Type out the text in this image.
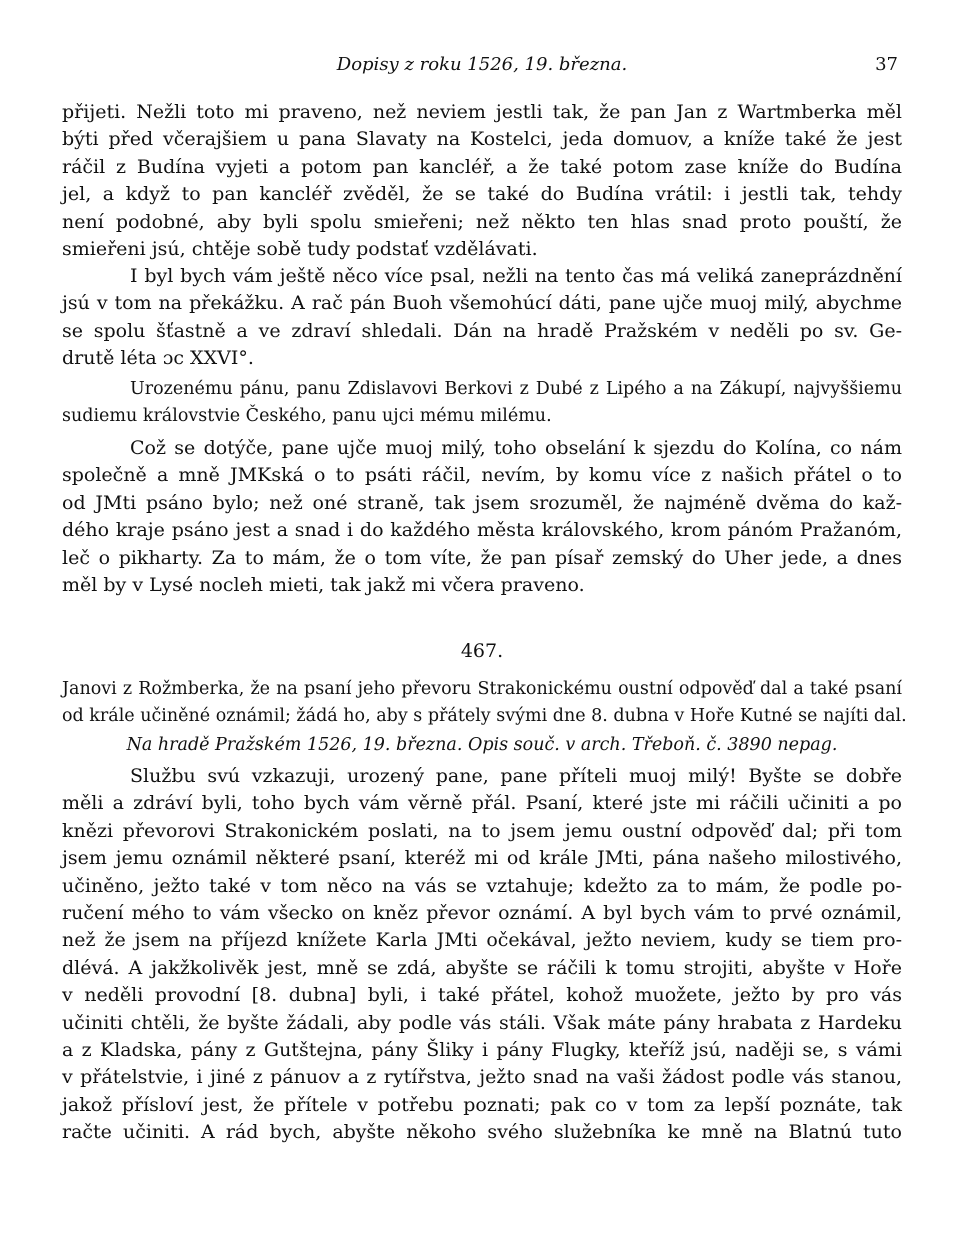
Dopisy z roku 1526, 19. března.	37
přijeti. Nežli toto mi praveno, než neviem jestli tak, že pan Jan z Wartmberka měl
býti před včerajšiem u pana Slavaty na Kostelci, jeda domuov, a kníže také že jest
ráčil z Budína vyjeti a potom pan kancléř, a že také potom zase kníže do Budína
jel, a když to pan kancléř zvěděl, že se také do Budína vrátil: i jestli tak, tehdy
není podobné, aby byli spolu smieřeni; než někto ten hlas snad proto pouští, že
smieřeni jsú, chtěje sobě tudy podstať vzdělávati.
I byl bych vám ještě něco více psal, nežli na tento čas má veliká zaneprázdnění
jsú v tom na překážku. A rač pán Buoh všemohúcí dáti, pane ujče muoj milý, abychme
se spolu šťastně a ve zdraví shledali. Dán na hradě Pražském v neděli po sv. Ge-
drutě léta ɔc XXVI°.
Urozenému pánu, panu Zdislavovi Berkovi z Dubé z Lipého a na Zákupí, najvyššiemu
sudiemu královstvie Českého, panu ujci mému milému.
Což se dotýče, pane ujče muoj milý, toho obselání k sjezdu do Kolína, co nám
společně a mně JMKská o to psáti ráčil, nevím, by komu více z našich přátel o to
od JMti psáno bylo; než oné straně, tak jsem srozuměl, že najméně dvěma do kaž-
dého kraje psáno jest a snad i do každého města královského, krom pánóm Pražanóm,
leč o pikharty. Za to mám, že o tom víte, že pan písař zemský do Uher jede, a dnes
měl by v Lysé nocleh mieti, tak jakž mi včera praveno.
467.
Janovi z Rožmberka, že na psaní jeho převoru Strakonickému oustní odpověď dal a také psaní
od krále učiněné oznámil; žádá ho, aby s přátely svými dne 8. dubna v Hoře Kutné se najíti dal.
Na hradě Pražském 1526, 19. března. Opis souč. v arch. Třeboň. č. 3890 nepag.
Službu svú vzkazuji, urozený pane, pane příteli muoj milý! Byšte se dobře
měli a zdráví byli, toho bych vám věrně přál. Psaní, které jste mi ráčili učiniti a po
knězi převorovi Strakonickém poslati, na to jsem jemu oustní odpověď dal; při tom
jsem jemu oznámil některé psaní, kteréž mi od krále JMti, pána našeho milostivého,
učiněno, ježto také v tom něco na vás se vztahuje; kdežto za to mám, že podle po-
ručení mého to vám všecko on kněz převor oznámí. A byl bych vám to prvé oznámil,
než že jsem na příjezd knížete Karla JMti očekával, ježto neviem, kudy se tiem pro-
dlévá. A jakžkolivěk jest, mně se zdá, abyšte se ráčili k tomu strojiti, abyšte v Hoře
v neděli provodní [8. dubna] byli, i také přátel, kohož muožete, ježto by pro vás
učiniti chtěli, že byšte žádali, aby podle vás stáli. Však máte pány hrabata z Hardeku
a z Kladska, pány z Gutštejna, pány Šliky i pány Flugky, kteříž jsú, naději se, s vámi
v přátelstvie, i jiné z pánuov a z rytířstva, ježto snad na vaši žádost podle vás stanou,
jakož přísloví jest, že přítele v potřebu poznati; pak co v tom za lepší poznáte, tak
račte učiniti. A rád bych, abyšte někoho svého služebníka ke mně na Blatnú tuto
